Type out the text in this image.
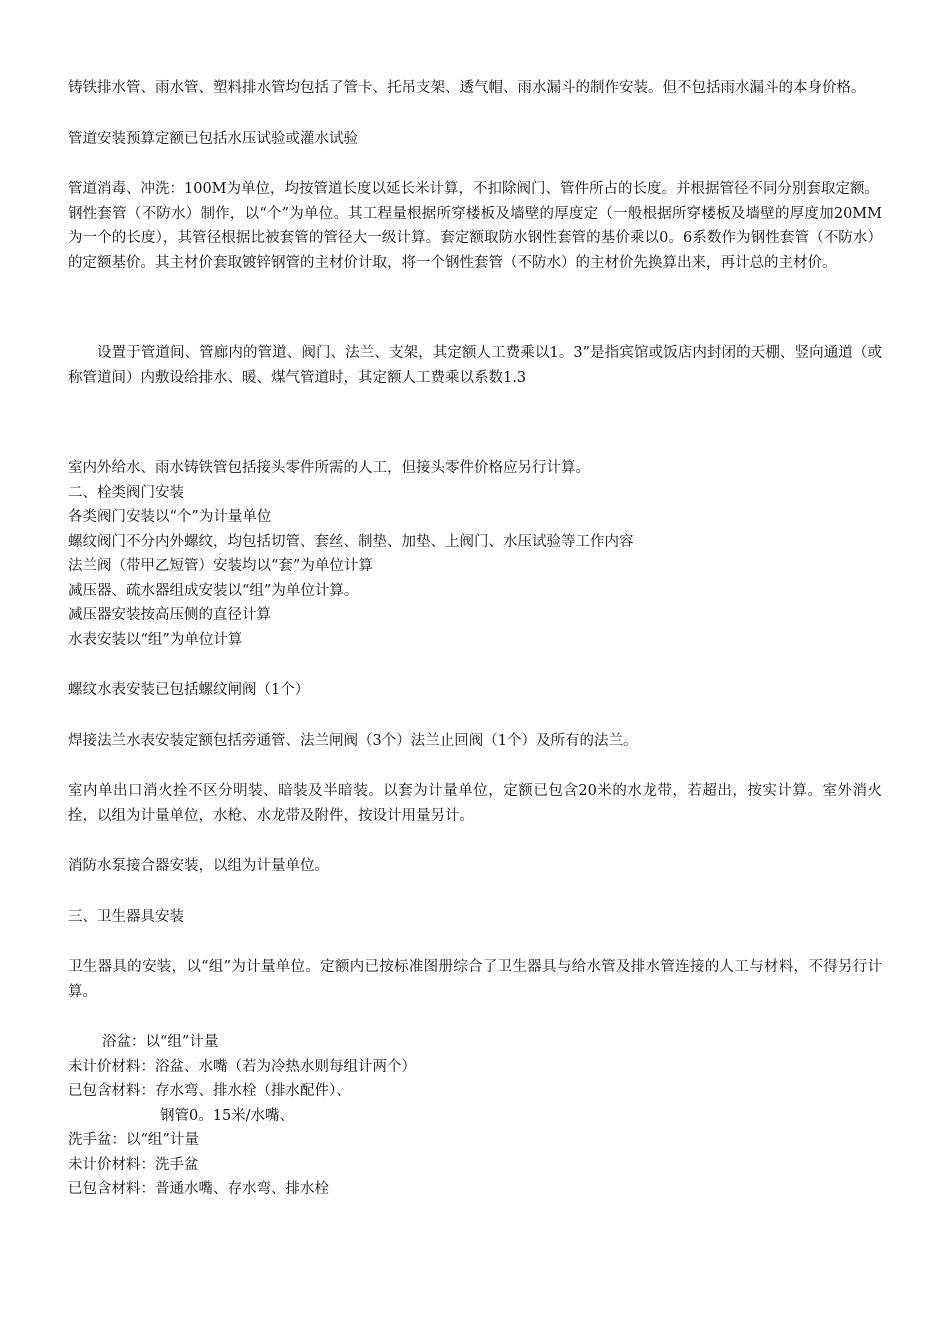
铸铁排水管、雨水管、塑料排水管均包括了管卡、托吊支架、透气帽、雨水漏斗的制作安装。但不包括雨水漏斗的本身价格。

管道安装预算定额已包括水压试验或灌水试验

管道消毒、冲洗：100M为单位，均按管道长度以延长米计算，不扣除阀门、管件所占的长度。并根据管径不同分别套取定额。

钢性套管（不防水）制作，以“个”为单位。其工程量根据所穿楼板及墙壁的厚度定（一般根据所穿楼板及墙壁的厚度加20MM为一个的长度），其管径根据比被套管的管径大一级计算。套定额取防水钢性套管的基价乘以0。6系数作为钢性套管（不防水）的定额基价。其主材价套取镀锌钢管的主材价计取，将一个钢性套管（不防水）的主材价先换算出来，再计总的主材价。

设置于管道间、管廊内的管道、阀门、法兰、支架，其定额人工费乘以1。3”是指宾馆或饭店内封闭的天棚、竖向通道（或称管道间）内敷设给排水、暖、煤气管道时，其定额人工费乘以系数1.3

室内外给水、雨水铸铁管包括接头零件所需的人工，但接头零件价格应另行计算。

二、栓类阀门安装

各类阀门安装以“个”为计量单位

螺纹阀门不分内外螺纹，均包括切管、套丝、制垫、加垫、上阀门、水压试验等工作内容

法兰阀（带甲乙短管）安装均以“套”为单位计算

减压器、疏水器组成安装以“组”为单位计算。

减压器安装按高压侧的直径计算

水表安装以“组”为单位计算

螺纹水表安装已包括螺纹闸阀（1个）

焊接法兰水表安装定额包括旁通管、法兰闸阀（3个）法兰止回阀（1个）及所有的法兰。

室内单出口消火拴不区分明装、暗装及半暗装。以套为计量单位，定额已包含20米的水龙带，若超出，按实计算。室外消火拴，以组为计量单位，水枪、水龙带及附件，按设计用量另计。

消防水泵接合器安装，以组为计量单位。

三、卫生器具安装

卫生器具的安装，以“组”为计量单位。定额内已按标准图册综合了卫生器具与给水管及排水管连接的人工与材料，不得另行计算。

浴盆：以“组”计量

未计价材料：浴盆、水嘴（若为冷热水则每组计两个）

已包含材料：存水弯、排水栓（排水配件）、

钢管0。15米/水嘴、

洗手盆：以“组”计量

未计价材料：洗手盆

已包含材料：普通水嘴、存水弯、排水栓
